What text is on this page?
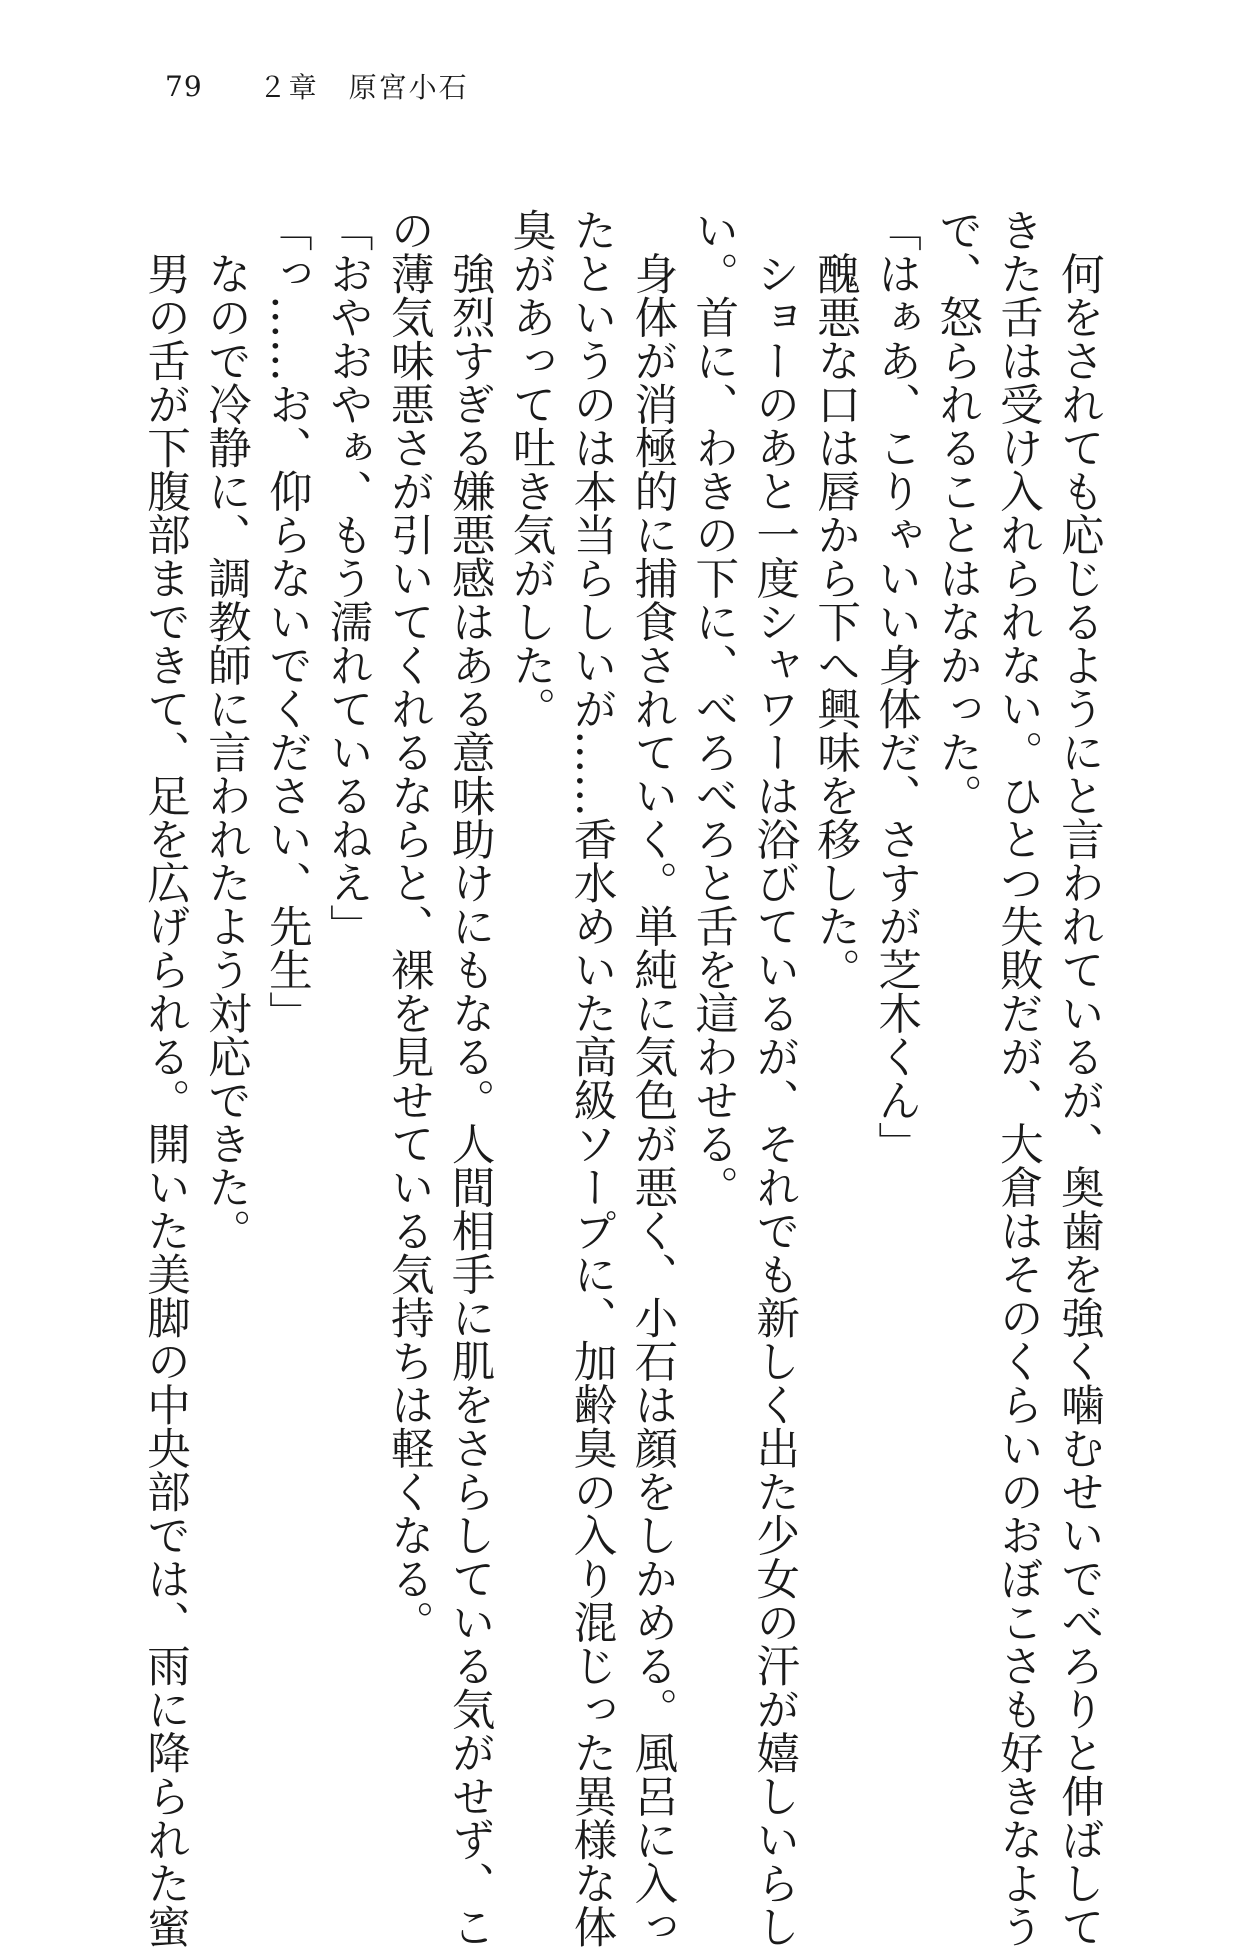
79 ２章　原宮小石
　何をされても応じるようにと言われているが、奥歯を強く噛むせいでべろりと伸ばして
きた舌は受け入れられない。ひとつ失敗だが、大倉はそのくらいのおぼこさも好きなよう
で、怒られることはなかった。
「はぁあ、こりゃいい身体だ、さすが芝木くん」
　醜悪な口は唇から下へ興味を移した。
　ショーのあと一度シャワーは浴びているが、それでも新しく出た少女の汗が嬉しいらし
い。首に、わきの下に、べろべろと舌を這わせる。
　身体が消極的に捕食されていく。単純に気色が悪く、小石は顔をしかめる。風呂に入っ
たというのは本当らしいが……香水めいた高級ソープに、加齢臭の入り混じった異様な体
臭があって吐き気がした。
　強烈すぎる嫌悪感はある意味助けにもなる。人間相手に肌をさらしている気がせず、こ
の薄気味悪さが引いてくれるならと、裸を見せている気持ちは軽くなる。
「おやおやぁ、もう濡れているねえ」
「っ……お、仰らないでください、先生」
　なので冷静に、調教師に言われたよう対応できた。
　男の舌が下腹部まできて、足を広げられる。開いた美脚の中央部では、雨に降られた蜜
